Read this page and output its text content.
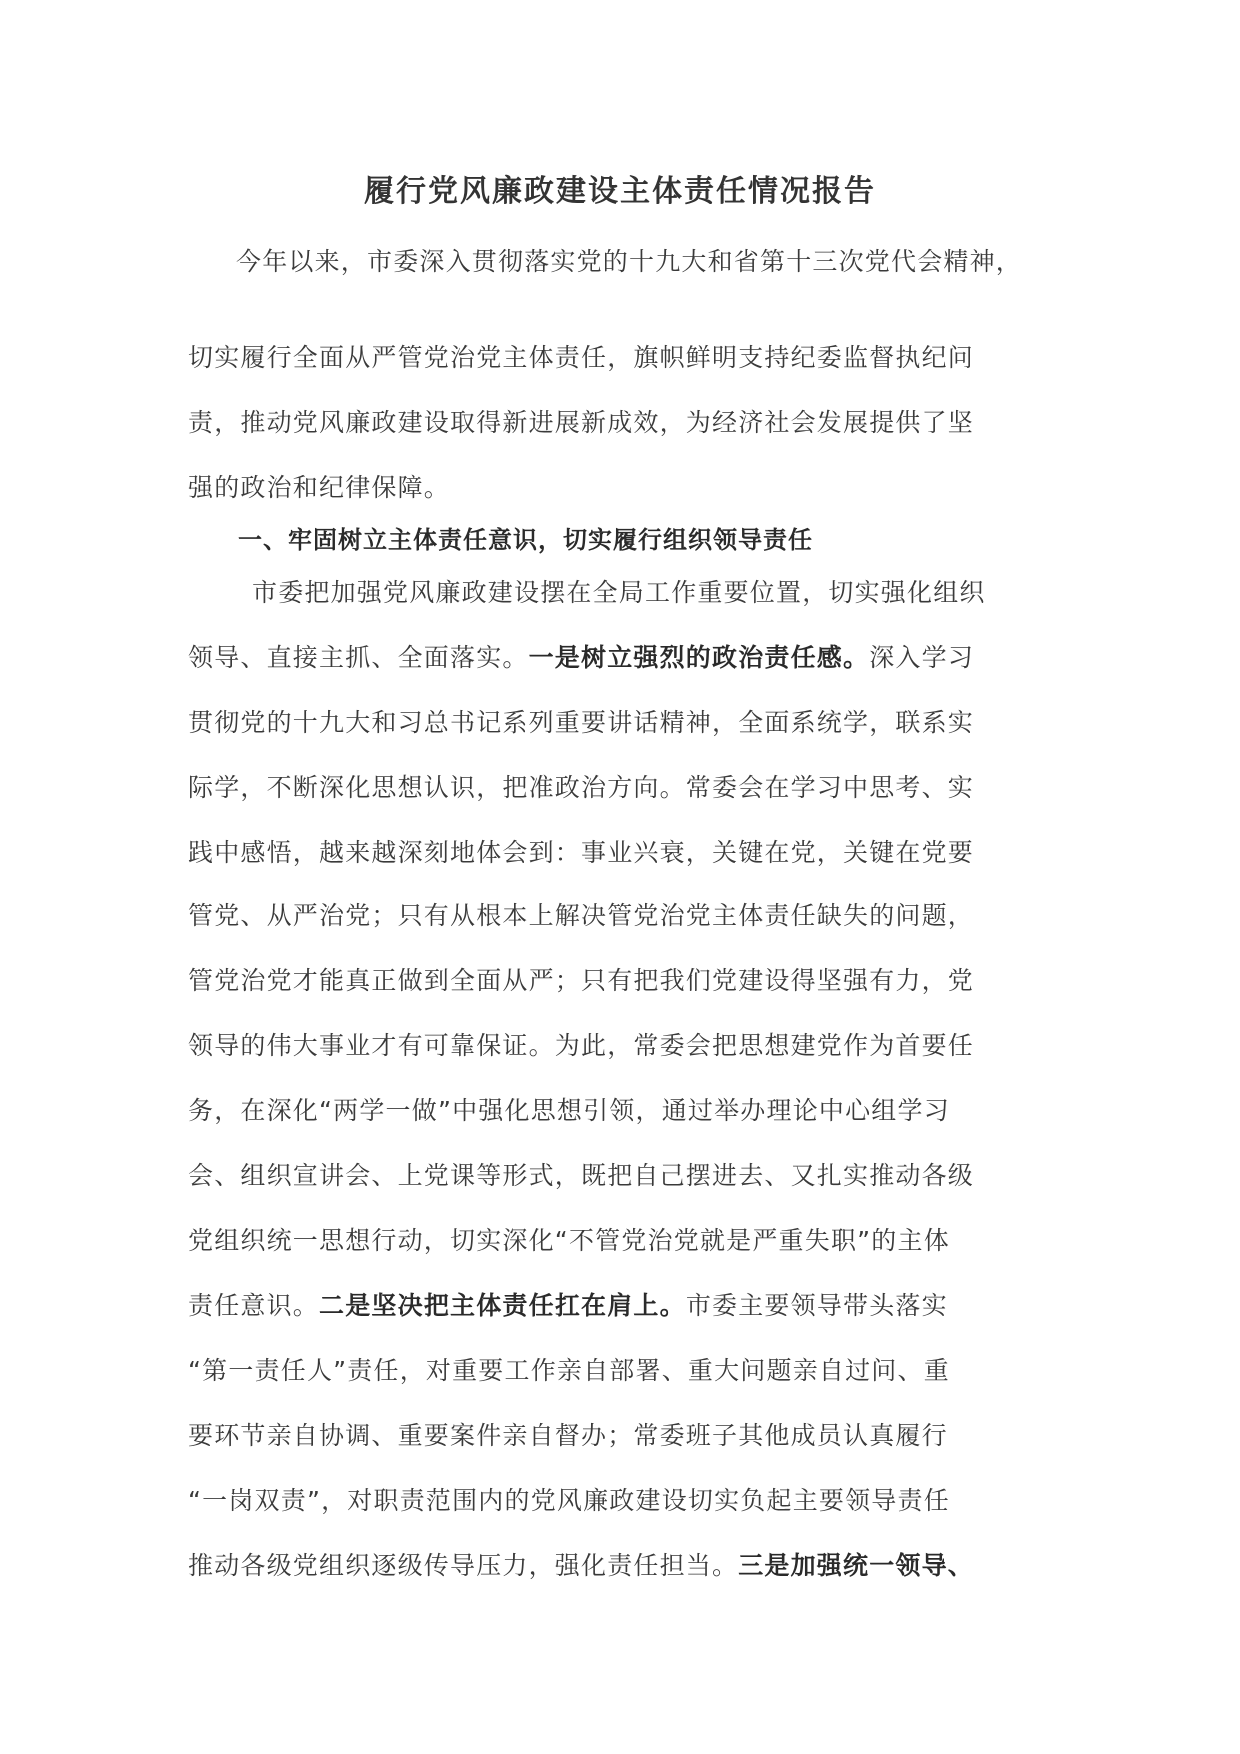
履行党风廉政建设主体责任情况报告
今年以来，市委深入贯彻落实党的十九大和省第十三次党代会精神，
切实履行全面从严管党治党主体责任，旗帜鲜明支持纪委监督执纪问
责，推动党风廉政建设取得新进展新成效，为经济社会发展提供了坚
强的政治和纪律保障。
一、牢固树立主体责任意识，切实履行组织领导责任
市委把加强党风廉政建设摆在全局工作重要位置，切实强化组织
领导、直接主抓、全面落实。一是树立强烈的政治责任感。深入学习
贯彻党的十九大和习总书记系列重要讲话精神，全面系统学，联系实
际学，不断深化思想认识，把准政治方向。常委会在学习中思考、实
践中感悟，越来越深刻地体会到：事业兴衰，关键在党，关键在党要
管党、从严治党；只有从根本上解决管党治党主体责任缺失的问题，
管党治党才能真正做到全面从严；只有把我们党建设得坚强有力，党
领导的伟大事业才有可靠保证。为此，常委会把思想建党作为首要任
务，在深化“两学一做”中强化思想引领，通过举办理论中心组学习
会、组织宣讲会、上党课等形式，既把自己摆进去、又扎实推动各级
党组织统一思想行动，切实深化“不管党治党就是严重失职”的主体
责任意识。二是坚决把主体责任扛在肩上。市委主要领导带头落实
“第一责任人”责任，对重要工作亲自部署、重大问题亲自过问、重
要环节亲自协调、重要案件亲自督办；常委班子其他成员认真履行
“一岗双责”，对职责范围内的党风廉政建设切实负起主要领导责任
推动各级党组织逐级传导压力，强化责任担当。三是加强统一领导、
